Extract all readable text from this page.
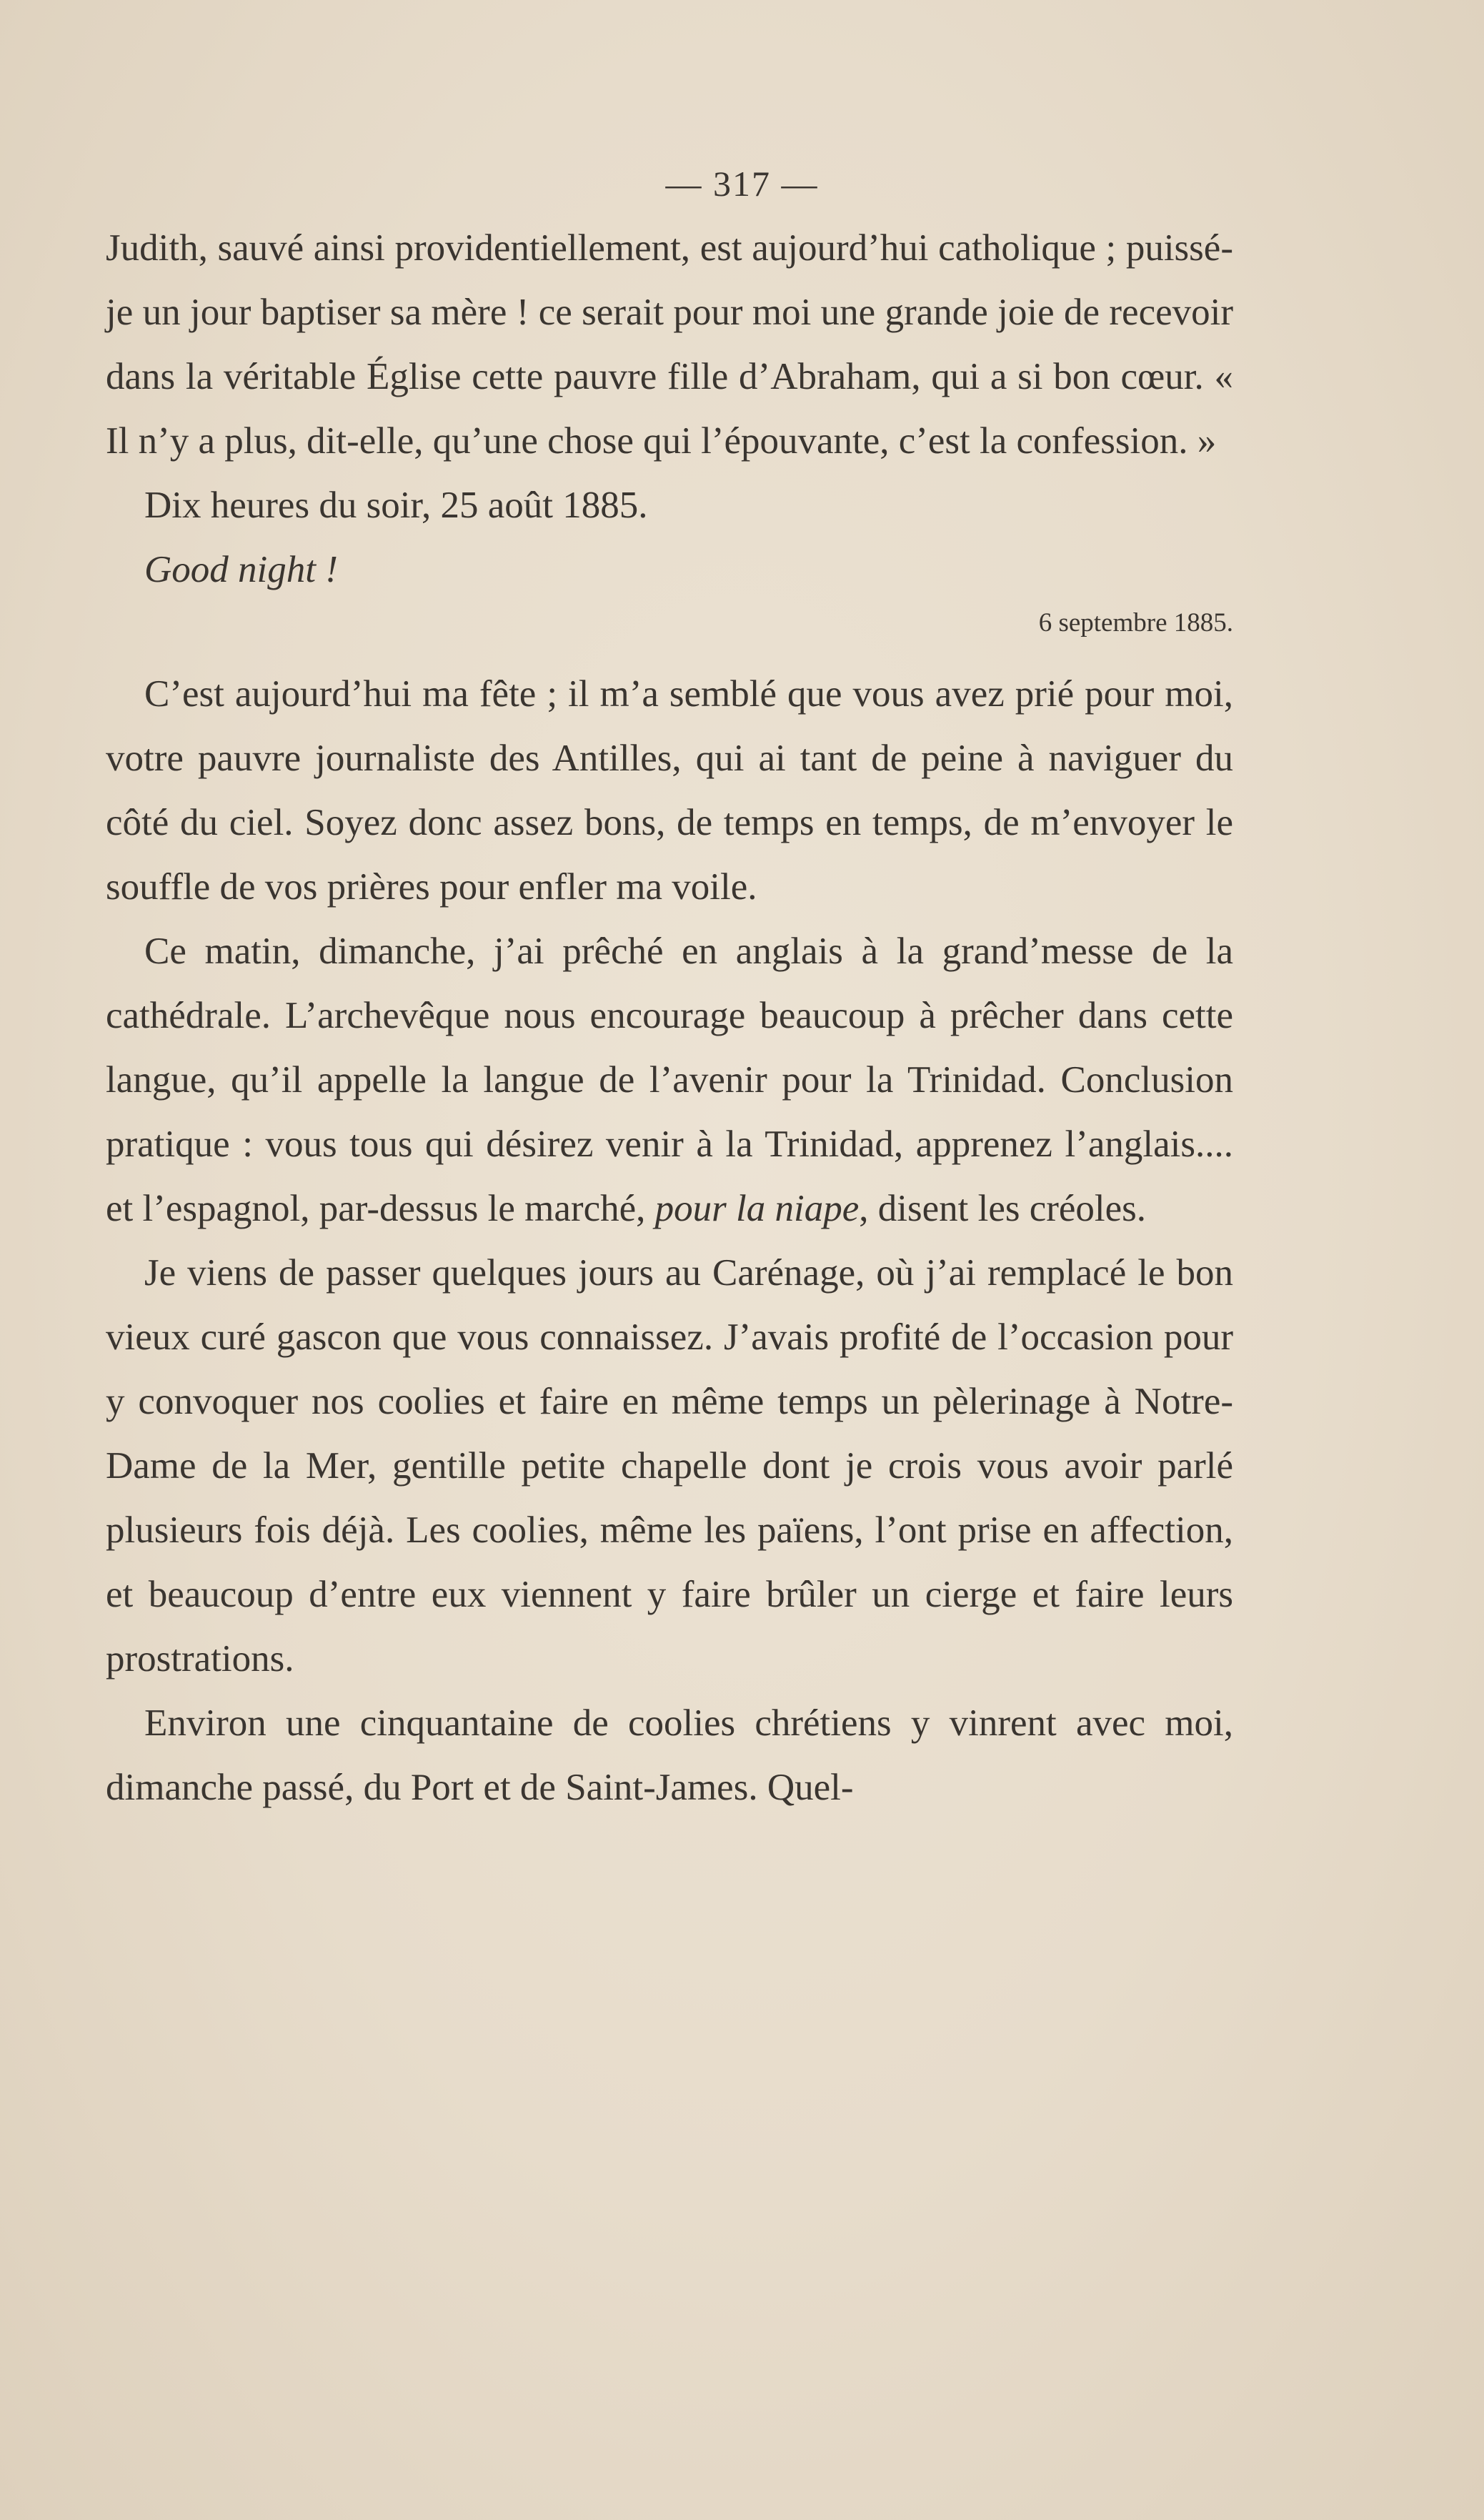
— 317 —

Judith, sauvé ainsi providentiellement, est aujourd’hui catholique ; puissé-je un jour baptiser sa mère ! ce serait pour moi une grande joie de recevoir dans la véritable Église cette pauvre fille d’Abraham, qui a si bon cœur. « Il n’y a plus, dit-elle, qu’une chose qui l’épouvante, c’est la confession. »

Dix heures du soir, 25 août 1885.

Good night !

6 septembre 1885.

C’est aujourd’hui ma fête ; il m’a semblé que vous avez prié pour moi, votre pauvre journaliste des Antilles, qui ai tant de peine à naviguer du côté du ciel. Soyez donc assez bons, de temps en temps, de m’envoyer le souffle de vos prières pour enfler ma voile.

Ce matin, dimanche, j’ai prêché en anglais à la grand’messe de la cathédrale. L’archevêque nous encourage beaucoup à prêcher dans cette langue, qu’il appelle la langue de l’avenir pour la Trinidad. Conclusion pratique : vous tous qui désirez venir à la Trinidad, apprenez l’anglais.... et l’espagnol, par-dessus le marché, pour la niape, disent les créoles.

Je viens de passer quelques jours au Carénage, où j’ai remplacé le bon vieux curé gascon que vous connaissez. J’avais profité de l’occasion pour y convoquer nos coolies et faire en même temps un pèlerinage à Notre-Dame de la Mer, gentille petite chapelle dont je crois vous avoir parlé plusieurs fois déjà. Les coolies, même les païens, l’ont prise en affection, et beaucoup d’entre eux viennent y faire brûler un cierge et faire leurs prostrations.

Environ une cinquantaine de coolies chrétiens y vinrent avec moi, dimanche passé, du Port et de Saint-James. Quel-
